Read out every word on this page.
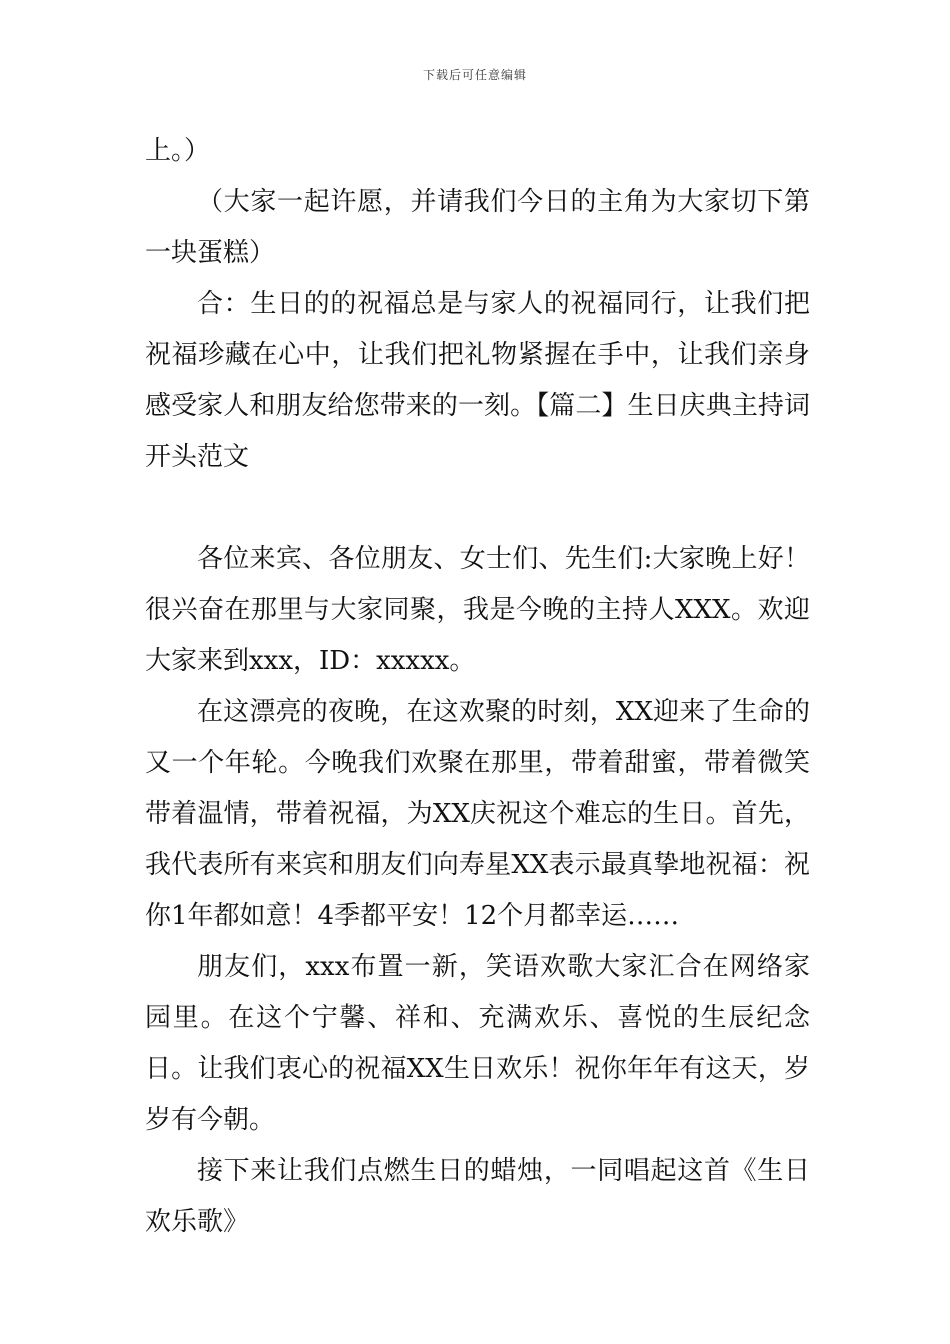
下载后可任意编辑

上。）

（大家一起许愿，并请我们今日的主角为大家切下第一块蛋糕）

合：生日的的祝福总是与家人的祝福同行，让我们把祝福珍藏在心中，让我们把礼物紧握在手中，让我们亲身感受家人和朋友给您带来的一刻。【篇二】生日庆典主持词开头范文

各位来宾、各位朋友、女士们、先生们:大家晚上好！很兴奋在那里与大家同聚，我是今晚的主持人XXX。欢迎大家来到xxx，ID：xxxxx。

在这漂亮的夜晚，在这欢聚的时刻，XX迎来了生命的又一个年轮。今晚我们欢聚在那里，带着甜蜜，带着微笑带着温情，带着祝福，为XX庆祝这个难忘的生日。首先，我代表所有来宾和朋友们向寿星XX表示最真挚地祝福：祝你1年都如意！4季都平安！12个月都幸运……

朋友们，xxx布置一新，笑语欢歌大家汇合在网络家园里。在这个宁馨、祥和、充满欢乐、喜悦的生辰纪念日。让我们衷心的祝福XX生日欢乐！祝你年年有这天，岁岁有今朝。

接下来让我们点燃生日的蜡烛，一同唱起这首《生日欢乐歌》
